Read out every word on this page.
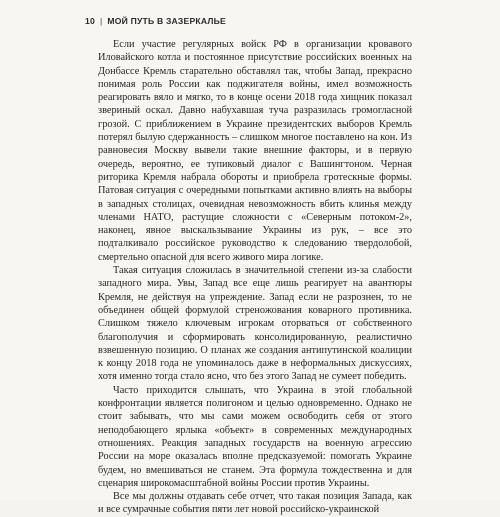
10 | МОЙ ПУТЬ В ЗАЗЕРКАЛЬЕ

Если участие регулярных войск РФ в организации кровавого Иловайского котла и постоянное присутствие российских военных на Донбассе Кремль старательно обставлял так, чтобы Запад, прекрасно понимая роль России как поджигателя войны, имел возможность реагировать вяло и мягко, то в конце осени 2018 года хищник показал звериный оскал. Давно набухавшая туча разразилась громогласной грозой. С приближением в Украине президентских выборов Кремль потерял былую сдержанность – слишком многое поставлено на кон. Из равновесия Москву вывели такие внешние факторы, и в первую очередь, вероятно, ее тупиковый диалог с Вашингтоном. Черная риторика Кремля набрала обороты и приобрела гротескные формы. Патовая ситуация с очередными попытками активно влиять на выборы в западных столицах, очевидная невозможность вбить клинья между членами НАТО, растущие сложности с «Северным потоком-2», наконец, явное выскальзывание Украины из рук, – все это подталкивало российское руководство к следованию твердолобой, смертельно опасной для всего живого мира логике.

Такая ситуация сложилась в значительной степени из-за слабости западного мира. Увы, Запад все еще лишь реагирует на авантюры Кремля, не действуя на упреждение. Запад если не разрознен, то не объединен общей формулой стреножования коварного противника. Слишком тяжело ключевым игрокам оторваться от собственного благополучия и сформировать консолидированную, реалистично взвешенную позицию. О планах же создания антипутинской коалиции к концу 2018 года не упоминалось даже в неформальных дискуссиях, хотя именно тогда стало ясно, что без этого Запад не сумеет победить.

Часто приходится слышать, что Украина в этой глобальной конфронтации является полигоном и целью одновременно. Однако не стоит забывать, что мы сами можем освободить себя от этого неподобающего ярлыка «объект» в современных международных отношениях. Реакция западных государств на военную агрессию России на море оказалась вполне предсказуемой: помогать Украине будем, но вмешиваться не станем. Эта формула тождественна и для сценария широкомасштабной войны России против Украины.

Все мы должны отдавать себе отчет, что такая позиция Запада, как и все сумрачные события пяти лет новой российско-украинской
